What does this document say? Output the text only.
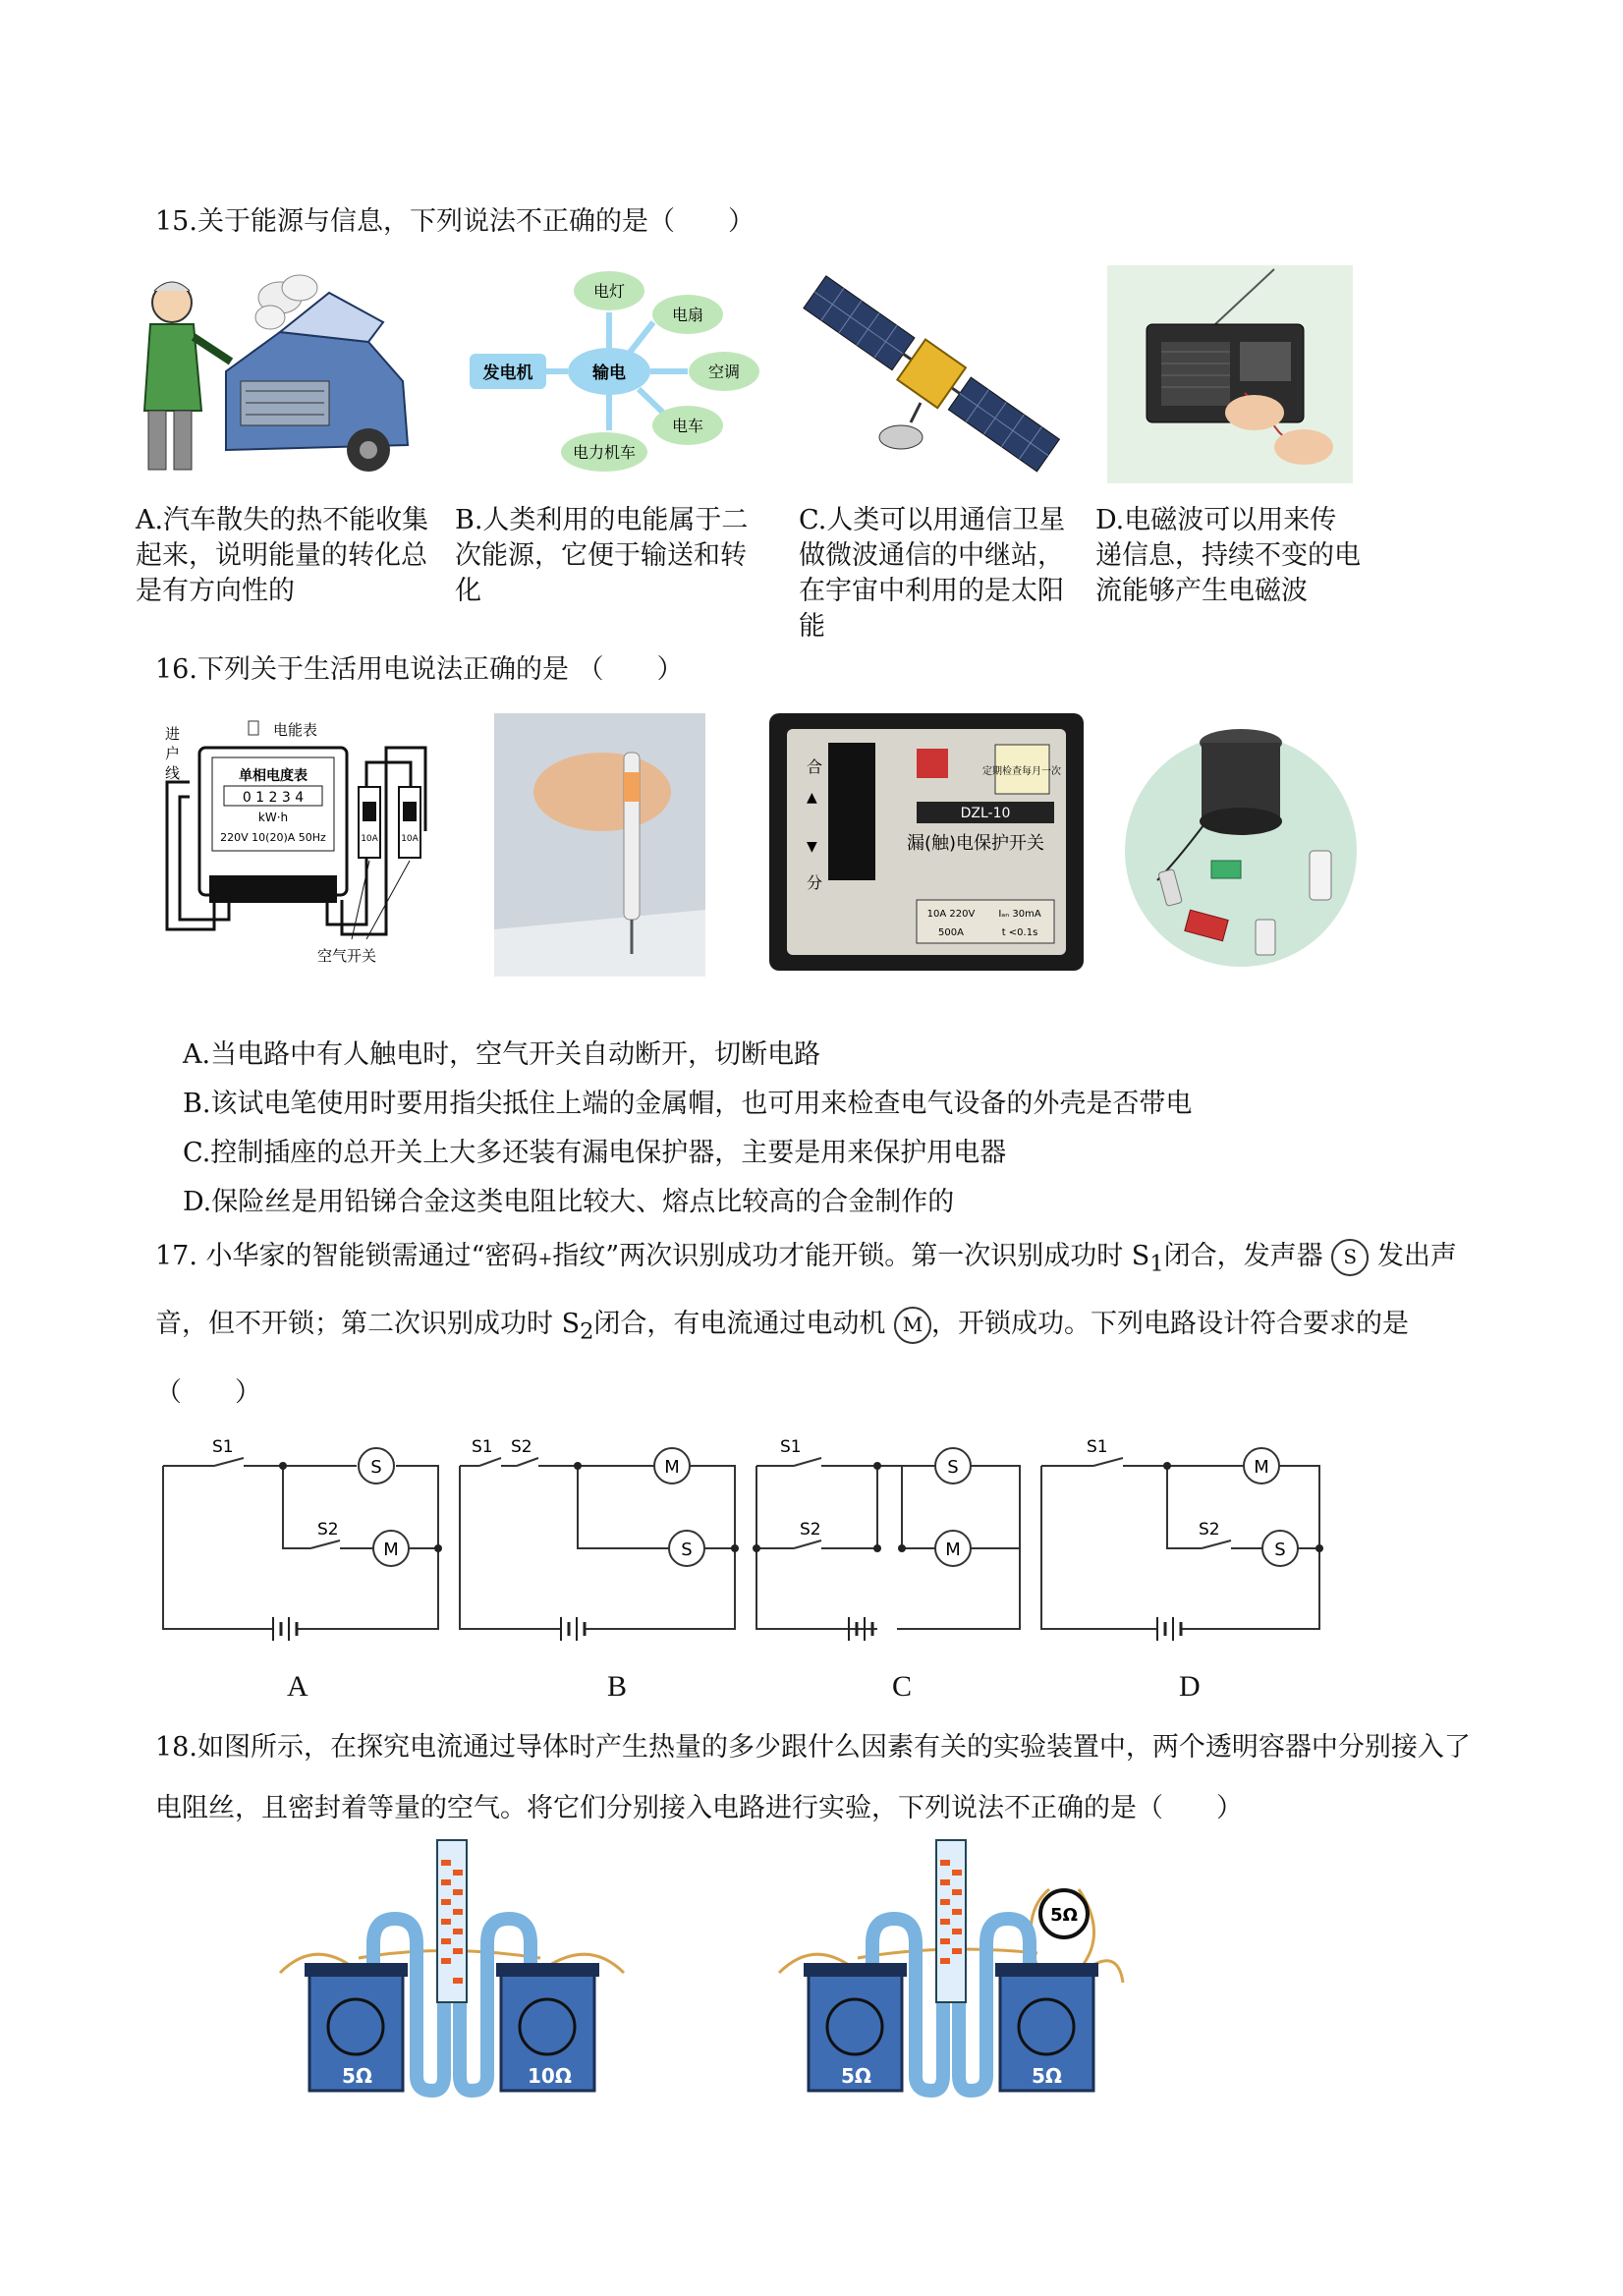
15.关于能源与信息，下列说法不正确的是（　　）
输电
发电机
电灯
电扇
空调
电车
电力机车
A.汽车散失的热不能收集起来，说明能量的转化总是有方向性的
B.人类利用的电能属于二次能源，它便于输送和转化
C.人类可以用通信卫星做微波通信的中继站，在宇宙中利用的是太阳能
D.电磁波可以用来传递信息，持续不变的电流能够产生电磁波
16.下列关于生活用电说法正确的是 （　　）
进
户
线
电能表
单相电度表
0 1 2 3 4
kW·h
220V 10(20)A 50Hz	10A	10A
空气开关
合
▲
▼
分
定期检查每月一次
DZL-10
漏(触)电保护开关
10A 220V Iₐₙ 30mA
500A	t <0.1s
A.当电路中有人触电时，空气开关自动断开，切断电路
B.该试电笔使用时要用指尖抵住上端的金属帽，也可用来检查电气设备的外壳是否带电
C.控制插座的总开关上大多还装有漏电保护器，主要是用来保护用电器
D.保险丝是用铅锑合金这类电阻比较大、熔点比较高的合金制作的
17. 小华家的智能锁需通过“密码+指纹”两次识别成功才能开锁。第一次识别成功时 $S_1$闭合，发声器 S 发出声音，但不开锁；第二次识别成功时 $S_2$闭合，有电流通过电动机 M ，开锁成功。下列电路设计符合要求的是（　　）
S
M
M
S
S
M
M
S
S1
S2
S1 S2	S1
S2
S1
S2
A	B	C	D
18.如图所示，在探究电流通过导体时产生热量的多少跟什么因素有关的实验装置中，两个透明容器中分别接入了电阻丝，且密封着等量的空气。将它们分别接入电路进行实验，下列说法不正确的是（　　）
5Ω	10Ω
5Ω
5Ω	5Ω
